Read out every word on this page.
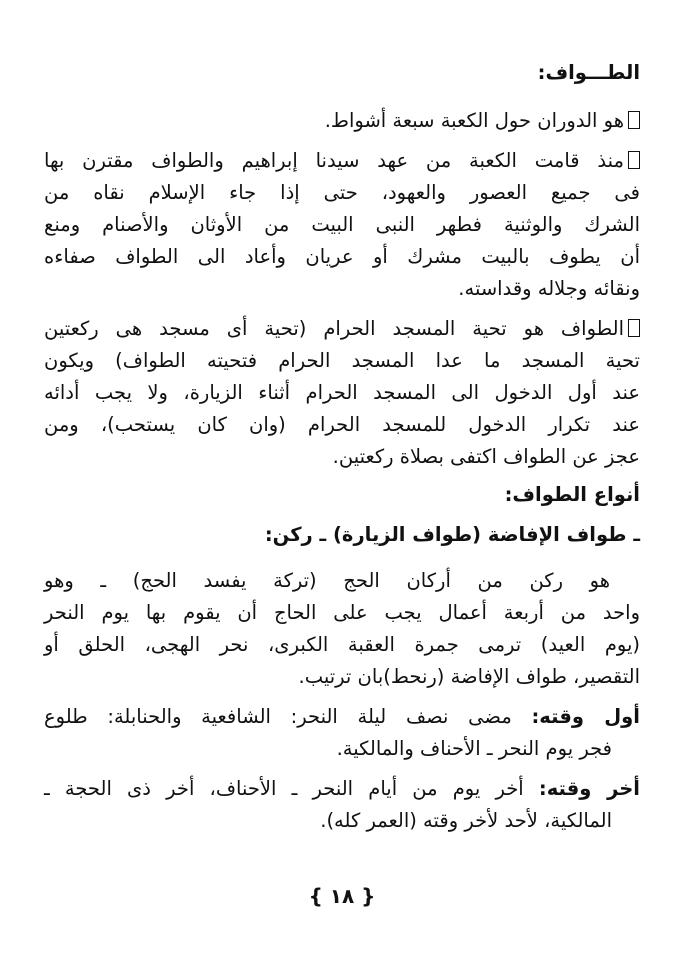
الطـــواف:
هو الدوران حول الكعبة سبعة أشواط.
منذ قامت الكعبة من عهد سيدنا إبراهيم والطواف مقترن بها
فى جميع العصور والعهود، حتى إذا جاء الإسلام نقاه من
الشرك والوثنية فطهر النبى البيت من الأوثان والأصنام ومنع
أن يطوف بالبيت مشرك أو عريان وأعاد الى الطواف صفاءه
ونقائه وجلاله وقداسته.
الطواف هو تحية المسجد الحرام (تحية أى مسجد هى ركعتين
تحية المسجد ما عدا المسجد الحرام فتحيته الطواف) ويكون
عند أول الدخول الى المسجد الحرام أثناء الزيارة، ولا يجب أدائه
عند تكرار الدخول للمسجد الحرام (وان كان يستحب)، ومن
عجز عن الطواف اكتفى بصلاة ركعتين.
أنواع الطواف:
ـ طواف الإفاضة (طواف الزيارة) ـ ركن:
هو ركن من أركان الحج (تركة يفسد الحج) ـ وهو
واحد من أربعة أعمال يجب على الحاج أن يقوم بها يوم النحر
(يوم العيد) ترمى جمرة العقبة الكبرى، نحر الهجى، الحلق أو
التقصير، طواف الإفاضة (رنحط)بان ترتيب.
أول وقته: مضى نصف ليلة النحر: الشافعية والحنابلة: طلوع
فجر يوم النحر ـ الأحناف والمالكية.
أخر وقته: أخر يوم من أيام النحر ـ الأحناف، أخر ذى الحجة ـ
المالكية، لأحد لأخر وقته (العمر كله).
{ ١٨ }
